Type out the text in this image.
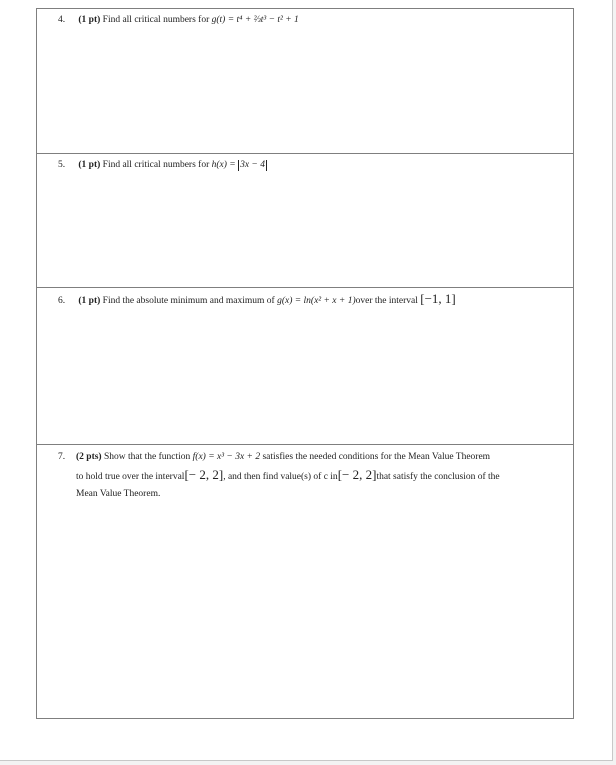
4. (1 pt) Find all critical numbers for g(t) = t⁴ + ⅔t³ − t² + 1
5. (1 pt) Find all critical numbers for h(x) = 3x − 4
6. (1 pt) Find the absolute minimum and maximum of g(x) = ln(x² + x + 1)over the interval [−1, 1]
7. (2 pts) Show that the function f(x) = x³ − 3x + 2 satisfies the needed conditions for the Mean Value Theorem
to hold true over the interval[− 2, 2], and then find value(s) of c in[− 2, 2]that satisfy the conclusion of the
Mean Value Theorem.
